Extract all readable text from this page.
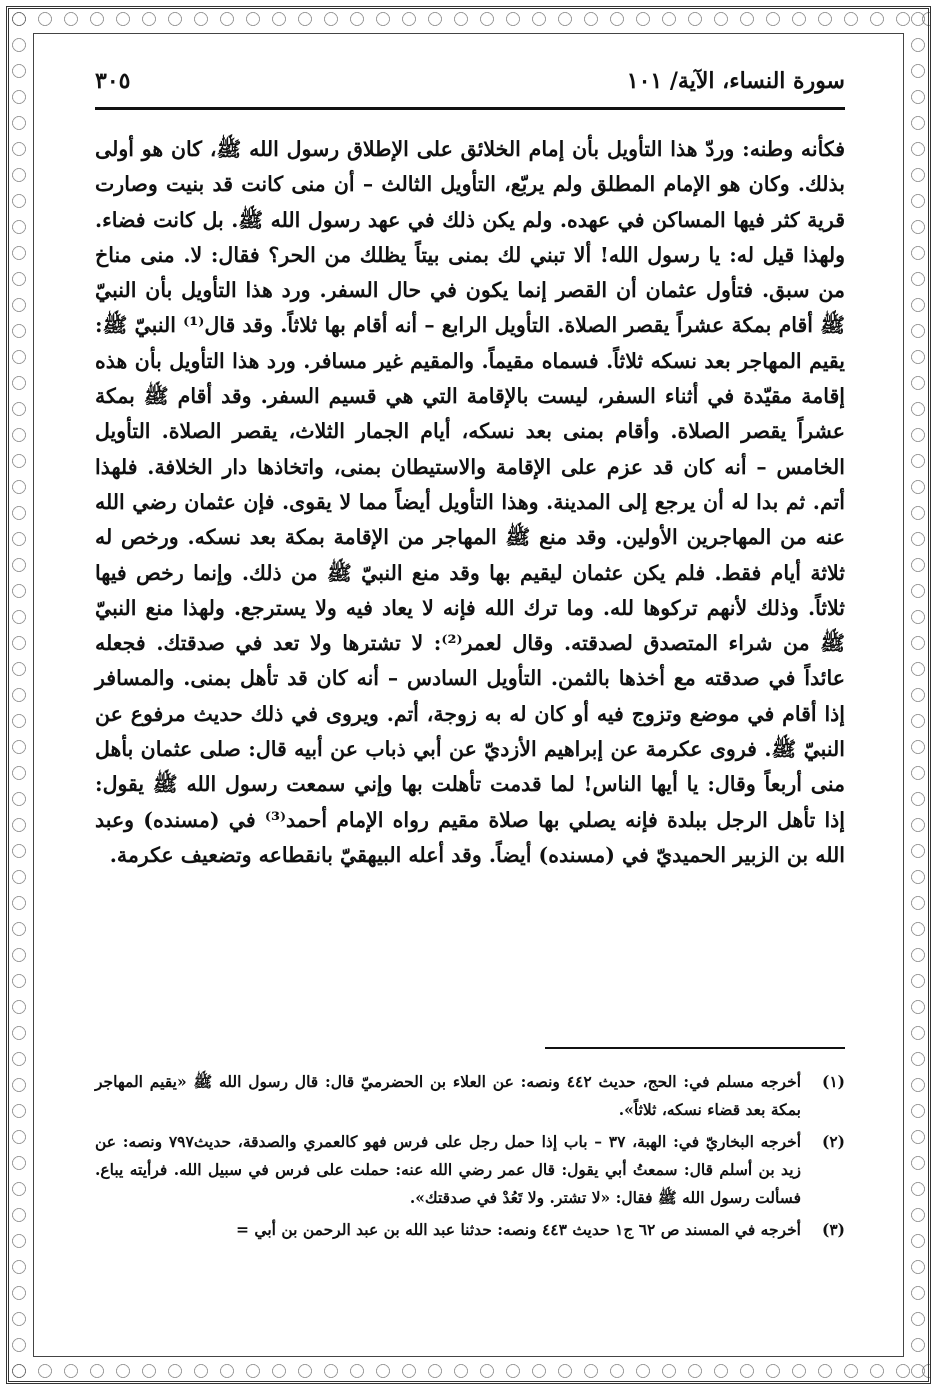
سورة النساء، الآية/ ١٠١
٣٠٥

فكأنه وطنه: وردّ هذا التأويل بأن إمام الخلائق على الإطلاق رسول الله ﷺ، كان هو أولى بذلك. وكان هو الإمام المطلق ولم يربّع، التأويل الثالث – أن منى كانت قد بنيت وصارت قرية كثر فيها المساكن في عهده. ولم يكن ذلك في عهد رسول الله ﷺ. بل كانت فضاء. ولهذا قيل له: يا رسول الله! ألا تبني لك بمنى بيتاً يظلك من الحر؟ فقال: لا. منى مناخ من سبق. فتأول عثمان أن القصر إنما يكون في حال السفر. ورد هذا التأويل بأن النبيّ ﷺ أقام بمكة عشراً يقصر الصلاة. التأويل الرابع – أنه أقام بها ثلاثاً. وقد قال⁽¹⁾ النبيّ ﷺ: يقيم المهاجر بعد نسكه ثلاثاً. فسماه مقيماً. والمقيم غير مسافر. ورد هذا التأويل بأن هذه إقامة مقيّدة في أثناء السفر، ليست بالإقامة التي هي قسيم السفر. وقد أقام ﷺ بمكة عشراً يقصر الصلاة. وأقام بمنى بعد نسكه، أيام الجمار الثلاث، يقصر الصلاة. التأويل الخامس – أنه كان قد عزم على الإقامة والاستيطان بمنى، واتخاذها دار الخلافة. فلهذا أتم. ثم بدا له أن يرجع إلى المدينة. وهذا التأويل أيضاً مما لا يقوى. فإن عثمان رضي الله عنه من المهاجرين الأولين. وقد منع ﷺ المهاجر من الإقامة بمكة بعد نسكه. ورخص له ثلاثة أيام فقط. فلم يكن عثمان ليقيم بها وقد منع النبيّ ﷺ من ذلك. وإنما رخص فيها ثلاثاً. وذلك لأنهم تركوها لله. وما ترك الله فإنه لا يعاد فيه ولا يسترجع. ولهذا منع النبيّ ﷺ من شراء المتصدق لصدقته. وقال لعمر⁽²⁾: لا تشترها ولا تعد في صدقتك. فجعله عائداً في صدقته مع أخذها بالثمن. التأويل السادس – أنه كان قد تأهل بمنى. والمسافر إذا أقام في موضع وتزوج فيه أو كان له به زوجة، أتم. ويروى في ذلك حديث مرفوع عن النبيّ ﷺ. فروى عكرمة عن إبراهيم الأزديّ عن أبي ذباب عن أبيه قال: صلى عثمان بأهل منى أربعاً وقال: يا أيها الناس! لما قدمت تأهلت بها وإني سمعت رسول الله ﷺ يقول: إذا تأهل الرجل ببلدة فإنه يصلي بها صلاة مقيم رواه الإمام أحمد⁽³⁾ في (مسنده) وعبد الله بن الزبير الحميديّ في (مسنده) أيضاً. وقد أعله البيهقيّ بانقطاعه وتضعيف عكرمة.

(١)
أخرجه مسلم في: الحج، حديث ٤٤٢ ونصه: عن العلاء بن الحضرميّ قال: قال رسول الله ﷺ «يقيم المهاجر بمكة بعد قضاء نسكه، ثلاثاً».
(٢)
أخرجه البخاريّ في: الهبة، ٣٧ – باب إذا حمل رجل على فرس فهو كالعمري والصدقة، حديث٧٩٧ ونصه: عن زيد بن أسلم قال: سمعتُ أبي يقول: قال عمر رضي الله عنه: حملت على فرس في سبيل الله. فرأيته يباع. فسألت رسول الله ﷺ فقال: «لا تشتر. ولا تَعُدْ في صدقتك».
(٣)
أخرجه في المسند ص ٦٢ ج١ حديث ٤٤٣ ونصه: حدثنا عبد الله بن عبد الرحمن بن أبي =
